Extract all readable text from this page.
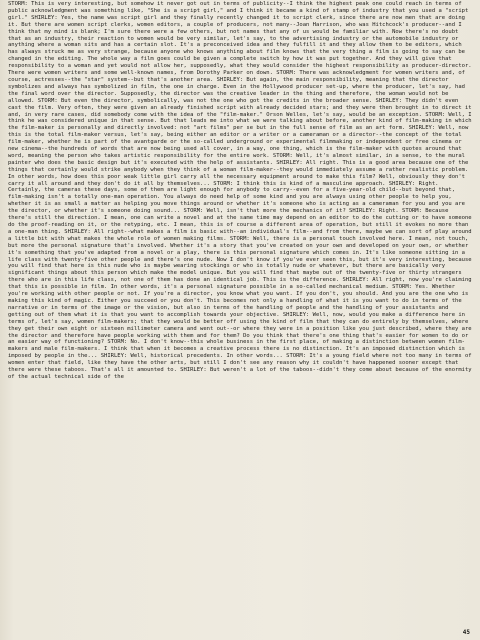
STORM: This is very interesting, but somehow it never got out in terms of publicity--I think the highest peak one could reach in terms of public acknowledgment was something like, "She is a script girl," and I think it became a kind of stamp of industry that you used a "script girl." SHIRLEY: Yes, the name was script girl and they finally recently changed it to script clerk, since there are now men that are doing it. But there are women script clerks, women editors, a couple of producers, not many--Joan Harrison, who was Hitchcock's producer--and I think that my mind is blank; I'm sure there were a few others, but not names that any of us would be familiar with. Now there's no doubt that as an industry, their reaction to women would be very similar, let's say, to the advertising industry or the automobile industry or anything where a woman sits and has a certain slot. It's a preconceived idea and they fulfill it and they allow them to be editors, which has always struck me as very strange, because anyone who knows anything about film knows that the very thing a film is going to say can be changed in the editing. The whole way a film goes could be given a complete switch by how it was put together. And they will give that responsibility to a woman and yet would not allow her, supposedly, what they would consider the highest responsibility as producer-director. There were women writers and some well-known names, from Dorothy Parker on down. STORM: There was acknowledgment for women writers and, of course, actresses--the "star" system--but that's another area. SHIRLEY: But again, the main responsibility, meaning that the director symbolizes and always has symbolized in film, the one in charge. Even in the Hollywood producer set-up, where the producer, let's say, had the final word over the director. Supposedly, the director was the creative leader in the thing and therefore, the woman would not be allowed. STORM: But even the director, symbolically, was not the one who got the credits in the broader sense. SHIRLEY: They didn't even cast the film. Very often, they were given an already finished script with already decided stars; and they were then brought in to direct it and, in very rare cases, did somebody come with the idea of the "film-maker." Orson Welles, let's say, would be an exception. STORM: Well, I think he was considered unique in that sense. But that leads me into what we were talking about before, another kind of film-making in which the film-maker is personally and directly involved: not "art films" per se but in the full sense of film as an art form. SHIRLEY: Well, now this is the total film-maker versus, let's say, being either an editor or a writer or a cameraman or a director--the concept of the total film-maker, whether he is part of the avantgarde or the so-called underground or experimental filmmaking or independent or free cinema or new cinema--the hundreds of words that are now being used all cover, in a way, one thing, which is the film-maker with quotes around that word, meaning the person who takes artistic responsibility for the entire work. STORM: Well, it's almost similar, in a sense, to the mural painter who does the basic design but it's executed with the help of assistants. SHIRLEY: All right. This is a good area because one of the things that certainly would strike anybody when they think of a woman film-maker--they would immediately assume a rather realistic problem. In other words, how does this poor weak little girl carry all the necessary equipment around to make this film? Well, obviously they don't carry it all around and they don't do it all by themselves... STORM: I think this is kind of a masculine approach. SHIRLEY: Right. Certainly, the cameras these days, some of them are light enough for anybody to carry--even for a five-year-old child--but beyond that, film-making isn't a totally one-man operation. You always do need help of some kind and you are always using other people to help you, whether it is as small a matter as helping you move things around or whether it's someone who is acting as a cameraman for you and you are the director, or whether it's someone doing sound... STORM: Well, isn't that more the mechanics of it? SHIRLEY: Right. STORM: Because there's still the direction. I mean, one can write a novel and at the same time may depend on an editor to do the cutting or to have someone do the proof-reading on it, or the retyping, etc. I mean, this is of course a different area of operation, but still it evokes no more than a one-man thing. SHIRLEY: All right--what makes a film is basic with--an individual's film--and from there, maybe we can sort of play around a little bit with what makes the whole role of women making films. STORM: Well, there is a personal touch involved here. I mean, not touch, but more the personal signature that's involved. Whether it's a story that you've created on your own and developed on your own, or whether it's something that you've adapted from a novel or a play, there is this personal signature which comes in. It's like someone sitting in a life class with twenty-five other people and there's one nude. Now I don't know if you've ever seen this, but it's very interesting, because you will find that here is this nude who is maybe wearing stockings or who is totally nude or whatever, but there are basically very significant things about this person which make the model unique. But you will find that maybe out of the twenty-five or thirty strangers there who are in this life class, not one of them has done an identical job. This is the difference. SHIRLEY: All right, now you're claiming that this is possible in film. In other words, it's a personal signature possible in a so-called mechanical medium. STORM: Yes. Whether you're working with other people or not. If you're a director, you know what you want. If you don't, you should. And you are the one who is making this kind of magic. Either you succeed or you don't. This becomes not only a handling of what it is you want to do in terms of the narrative or in terms of the image or the vision, but also in terms of the handling of people and the handling of your assistants and getting out of them what it is that you want to accomplish towards your objective. SHIRLEY: Well, now, would you make a difference here in terms of, let's say, women film-makers; that they would be better off using the kind of film that they can do entirely by themselves, where they get their own eight or sixteen millimeter camera and went out--or where they were in a position like you just described, where they are the director and therefore have people working with them and for them? Do you think that there's one thing that's easier for women to do or an easier way of functioning? STORM: No. I don't know--this whole business in the first place, of making a distinction between women film-makers and male film-makers. I think that when it becomes a creative process there is no distinction. It's an imposed distinction which is imposed by people in the... SHIRLEY: Well, historical precedents. In other words... STORM: It's a young field where not too many in terms of women enter that field, like they have the other arts, but still I don't see any reason why it couldn't have happened sooner except that there were these taboos. That's all it amounted to. SHIRLEY: But weren't a lot of the taboos--didn't they come about because of the enormity of the actual technical side of the

45
